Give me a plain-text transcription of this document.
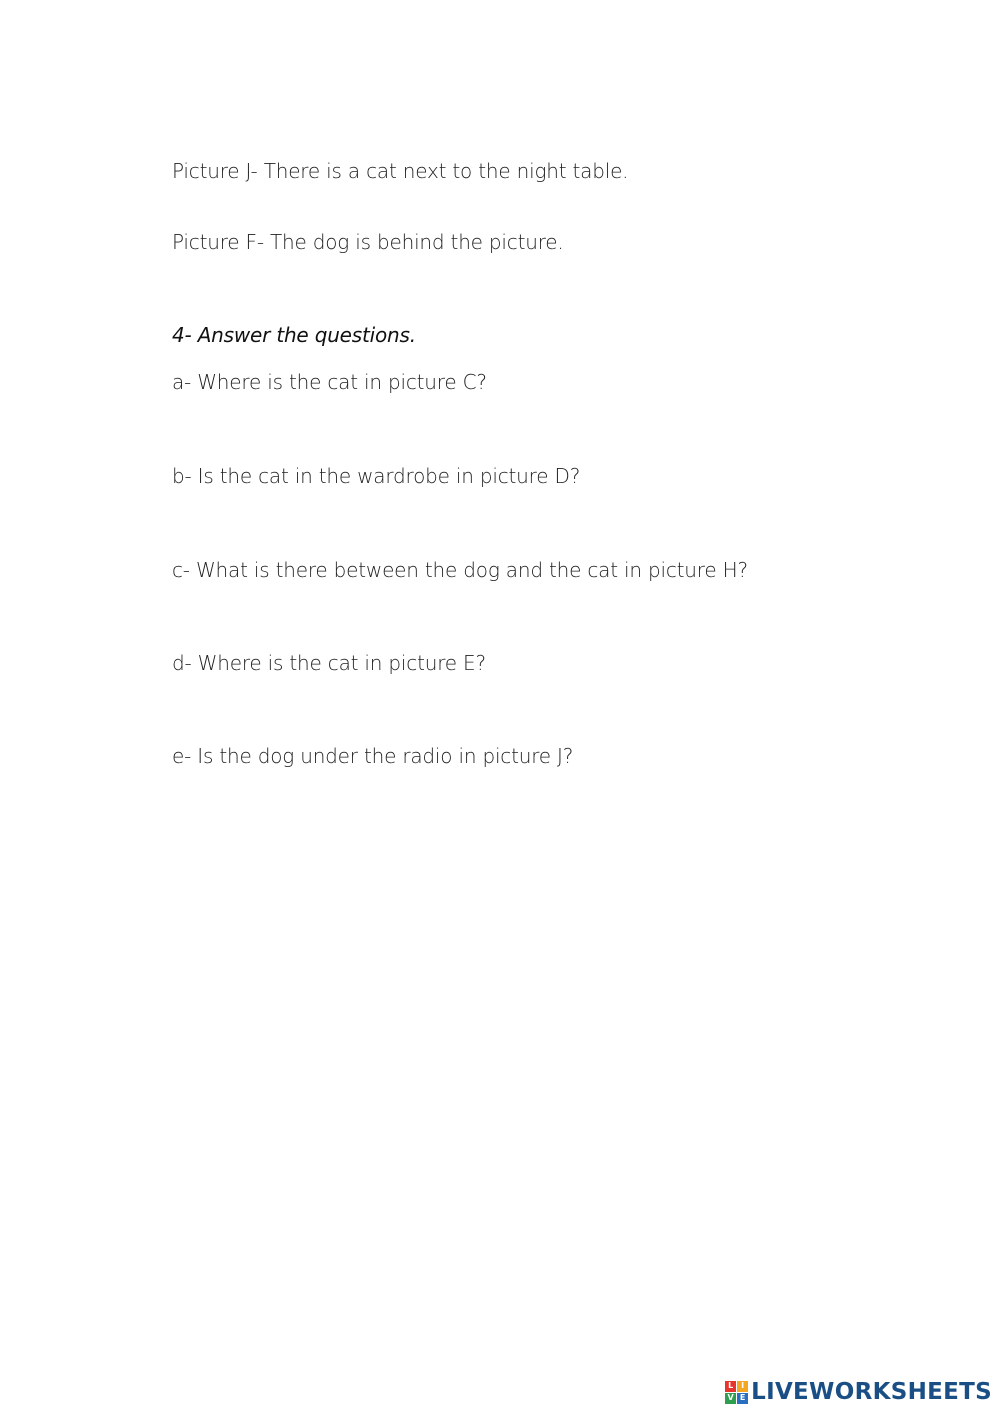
Picture J- There is a cat next to the night table.
Picture F- The dog is behind the picture.
4- Answer the questions.
a- Where is the cat in picture C?
b- Is the cat in the wardrobe in picture D?
c- What is there between the dog and the cat in picture H?
d- Where is the cat in picture E?
e- Is the dog under the radio in picture J?
L I
V E LIVEWORKSHEETS
